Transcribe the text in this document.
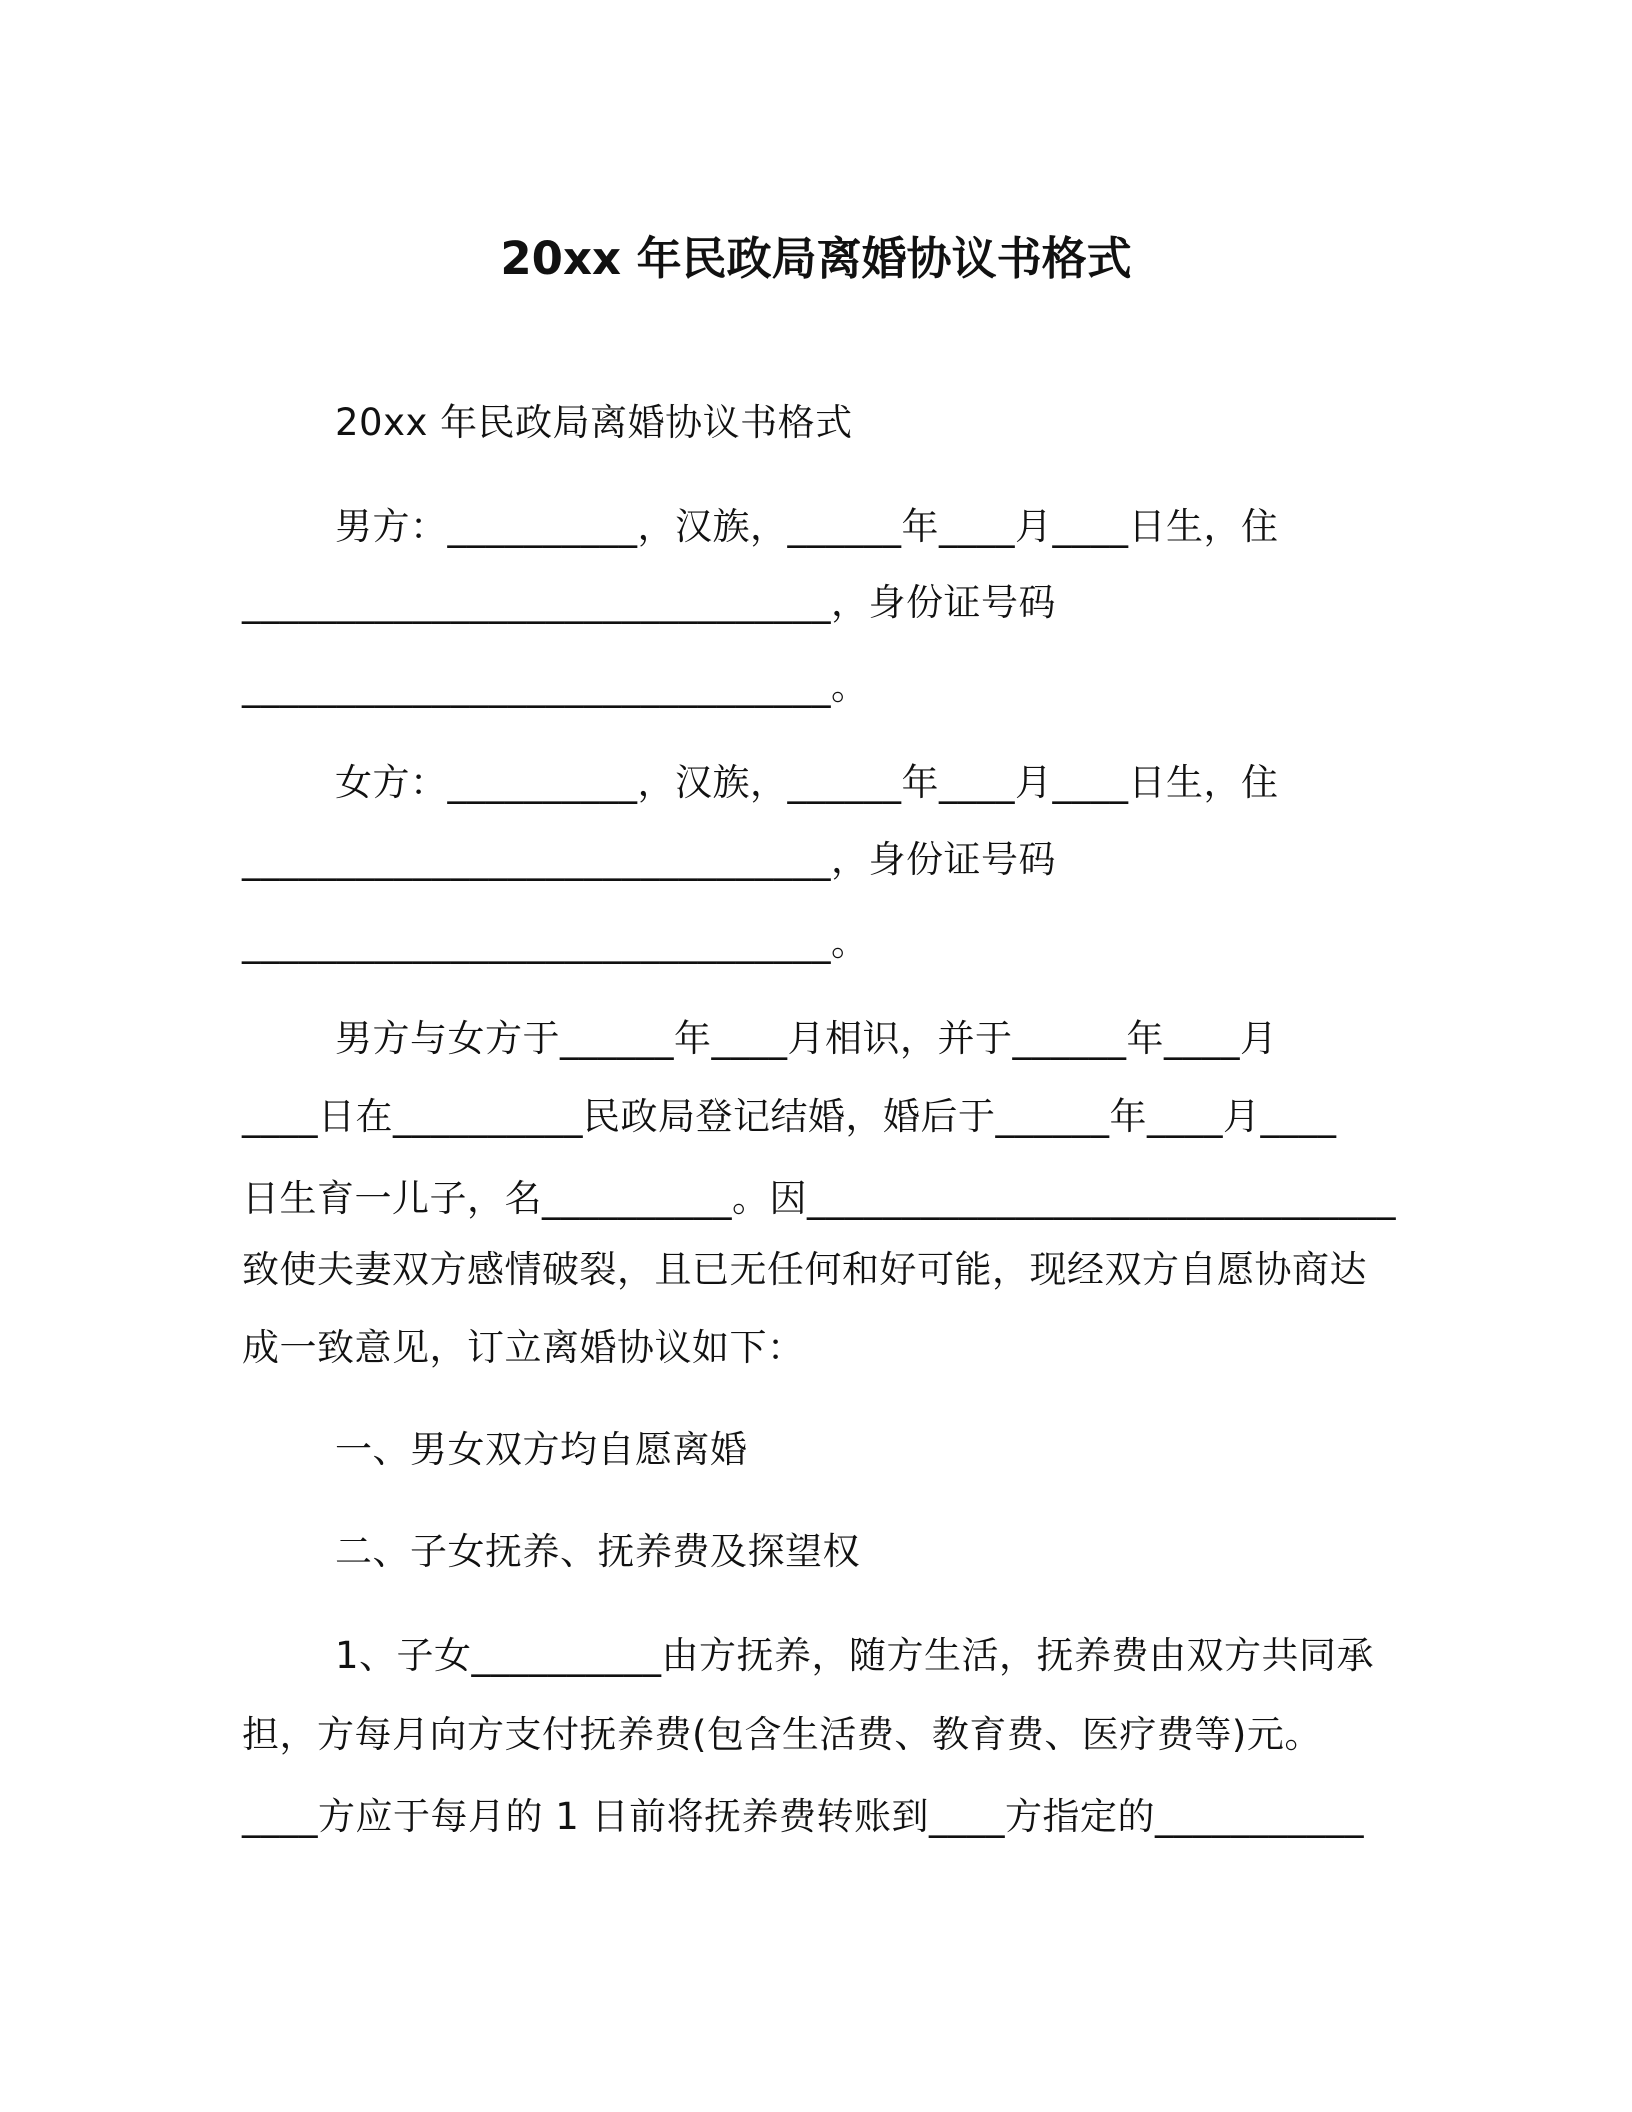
20xx 年民政局离婚协议书格式
20xx 年民政局离婚协议书格式
男方：__________，汉族，______年____月____日生，住
_______________________________，身份证号码
_______________________________。
女方：__________，汉族，______年____月____日生，住
_______________________________，身份证号码
_______________________________。
男方与女方于______年____月相识，并于______年____月
____日在__________民政局登记结婚，婚后于______年____月____
日生育一儿子，名__________。因_______________________________
致使夫妻双方感情破裂，且已无任何和好可能，现经双方自愿协商达
成一致意见，订立离婚协议如下：
一、男女双方均自愿离婚
二、子女抚养、抚养费及探望权
1、子女__________由方抚养，随方生活，抚养费由双方共同承
担，方每月向方支付抚养费(包含生活费、教育费、医疗费等)元。
____方应于每月的 1 日前将抚养费转账到____方指定的___________
